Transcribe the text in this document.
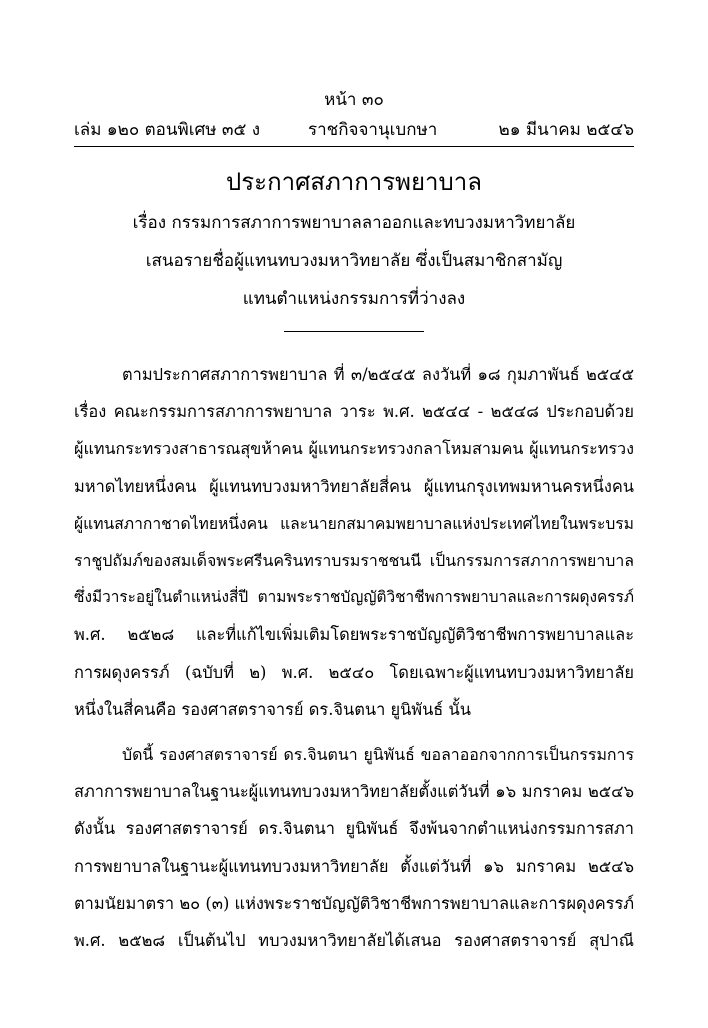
หน้า ๓๐
เล่ม ๑๒๐ ตอนพิเศษ ๓๕ ง	ราชกิจจานุเบกษา	๒๑ มีนาคม ๒๕๔๖
ประกาศสภาการพยาบาล
เรื่อง กรรมการสภาการพยาบาลลาออกและทบวงมหาวิทยาลัย
เสนอรายชื่อผู้แทนทบวงมหาวิทยาลัย ซึ่งเป็นสมาชิกสามัญ
แทนตำแหน่งกรรมการที่ว่างลง
ตามประกาศสภาการพยาบาล ที่ ๓/๒๕๔๕ ลงวันที่ ๑๘ กุมภาพันธ์ ๒๕๔๕
เรื่อง คณะกรรมการสภาการพยาบาล วาระ พ.ศ. ๒๕๔๔ - ๒๕๔๘ ประกอบด้วย
ผู้แทนกระทรวงสาธารณสุขห้าคน ผู้แทนกระทรวงกลาโหมสามคน ผู้แทนกระทรวง
มหาดไทยหนึ่งคน ผู้แทนทบวงมหาวิทยาลัยสี่คน ผู้แทนกรุงเทพมหานครหนึ่งคน
ผู้แทนสภากาชาดไทยหนึ่งคน และนายกสมาคมพยาบาลแห่งประเทศไทยในพระบรม
ราชูปถัมภ์ของสมเด็จพระศรีนครินทราบรมราชชนนี เป็นกรรมการสภาการพยาบาล
ซึ่งมีวาระอยู่ในตำแหน่งสี่ปี ตามพระราชบัญญัติวิชาชีพการพยาบาลและการผดุงครรภ์
พ.ศ. ๒๕๒๘ และที่แก้ไขเพิ่มเติมโดยพระราชบัญญัติวิชาชีพการพยาบาลและ
การผดุงครรภ์ (ฉบับที่ ๒) พ.ศ. ๒๕๔๐ โดยเฉพาะผู้แทนทบวงมหาวิทยาลัย
หนึ่งในสี่คนคือ รองศาสตราจารย์ ดร.จินตนา ยูนิพันธ์ นั้น
บัดนี้ รองศาสตราจารย์ ดร.จินตนา ยูนิพันธ์ ขอลาออกจากการเป็นกรรมการ
สภาการพยาบาลในฐานะผู้แทนทบวงมหาวิทยาลัยตั้งแต่วันที่ ๑๖ มกราคม ๒๕๔๖
ดังนั้น รองศาสตราจารย์ ดร.จินตนา ยูนิพันธ์ จึงพ้นจากตำแหน่งกรรมการสภา
การพยาบาลในฐานะผู้แทนทบวงมหาวิทยาลัย ตั้งแต่วันที่ ๑๖ มกราคม ๒๕๔๖
ตามนัยมาตรา ๒๐ (๓) แห่งพระราชบัญญัติวิชาชีพการพยาบาลและการผดุงครรภ์
พ.ศ. ๒๕๒๘ เป็นต้นไป ทบวงมหาวิทยาลัยได้เสนอ รองศาสตราจารย์ สุปาณี
